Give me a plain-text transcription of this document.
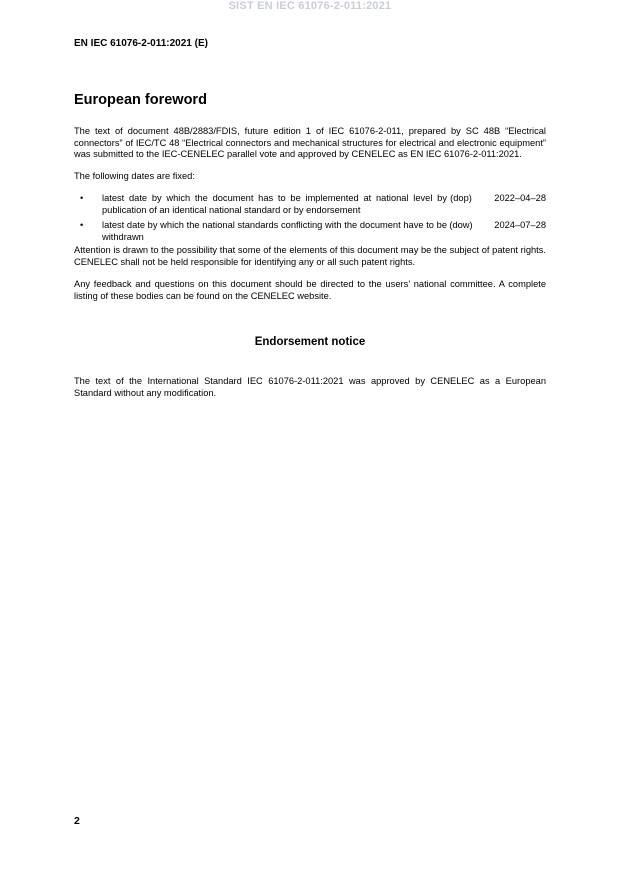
SIST EN IEC 61076-2-011:2021
EN IEC 61076-2-011:2021 (E)
European foreword

The text of document 48B/2883/FDIS, future edition 1 of IEC 61076-2-011, prepared by SC 48B “Electrical connectors” of IEC/TC 48 “Electrical connectors and mechanical structures for electrical and electronic equipment” was submitted to the IEC-CENELEC parallel vote and approved by CENELEC as EN IEC 61076-2-011:2021.

The following dates are fixed:

• latest date by which the document has to be implemented at national level by publication of an identical national standard or by endorsement
(dop)	2022–04–28
• latest date by which the national standards conflicting with the document have to be withdrawn
(dow)	2024–07–28

Attention is drawn to the possibility that some of the elements of this document may be the subject of patent rights. CENELEC shall not be held responsible for identifying any or all such patent rights.

Any feedback and questions on this document should be directed to the users’ national committee. A complete listing of these bodies can be found on the CENELEC website.

Endorsement notice

The text of the International Standard IEC 61076-2-011:2021 was approved by CENELEC as a European Standard without any modification.

2
